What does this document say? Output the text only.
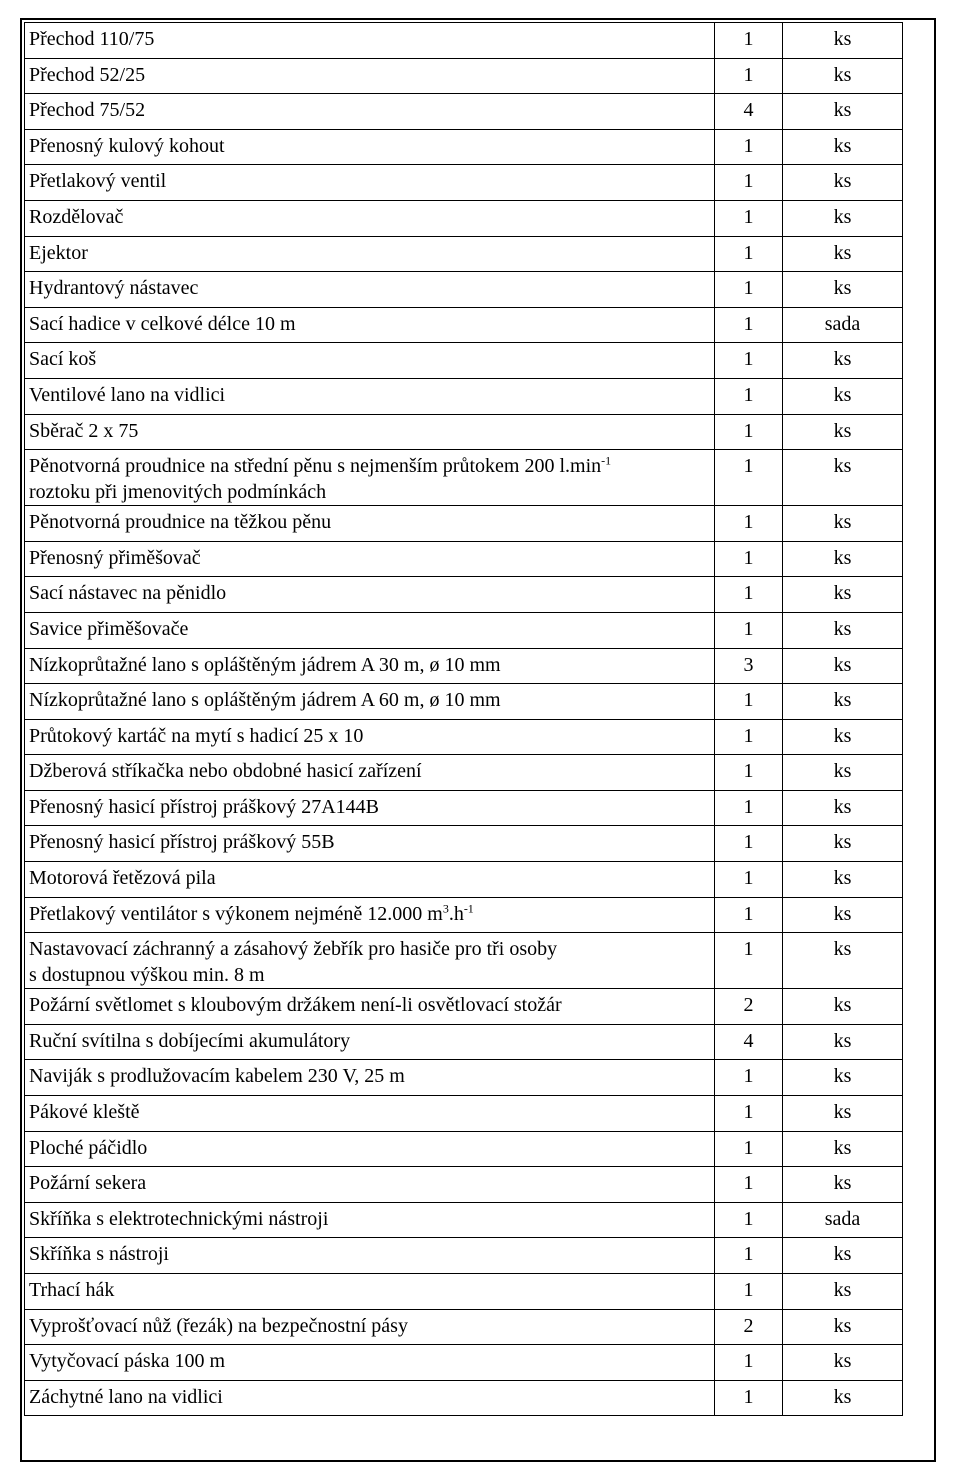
Přechod 110/75	1	ks

Přechod 52/25	1	ks

Přechod 75/52	4	ks

Přenosný kulový kohout	1	ks

Přetlakový ventil	1	ks

Rozdělovač	1	ks

Ejektor	1	ks

Hydrantový nástavec	1	ks

Sací hadice v celkové délce 10 m	1	sada

Sací koš	1	ks

Ventilové lano na vidlici	1	ks

Sběrač 2 x 75	1	ks

Pěnotvorná proudnice na střední pěnu s nejmenším průtokem 200 $l.\min^{-1}$
roztoku při jmenovitých podmínkách	1	ks

Pěnotvorná proudnice na těžkou pěnu	1	ks

Přenosný přiměšovač	1	ks

Sací nástavec na pěnidlo	1	ks

Savice přiměšovače	1	ks

Nízkoprůtažné lano s opláštěným jádrem A 30 m, ø 10 mm	3	ks

Nízkoprůtažné lano s opláštěným jádrem A 60 m, ø 10 mm	1	ks

Průtokový kartáč na mytí s hadicí 25 x 10	1	ks

Džberová stříkačka nebo obdobné hasicí zařízení	1	ks

Přenosný hasicí přístroj práškový 27A144B	1	ks

Přenosný hasicí přístroj práškový 55B	1	ks

Motorová řetězová pila	1	ks

Přetlakový ventilátor s výkonem nejméně 12.000 $m^3.h^{-1}$	1	ks

Nastavovací záchranný a zásahový žebřík pro hasiče pro tři osoby
s dostupnou výškou min. 8 m	1	ks

Požární světlomet s kloubovým držákem není-li osvětlovací stožár	2	ks

Ruční svítilna s dobíjecími akumulátory	4	ks

Naviják s prodlužovacím kabelem 230 V, 25 m	1	ks

Pákové kleště	1	ks

Ploché páčidlo	1	ks

Požární sekera	1	ks

Skříňka s elektrotechnickými nástroji	1	sada

Skříňka s nástroji	1	ks

Trhací hák	1	ks

Vyprošťovací nůž (řezák) na bezpečnostní pásy	2	ks

Vytyčovací páska 100 m	1	ks

Záchytné lano na vidlici	1	ks
